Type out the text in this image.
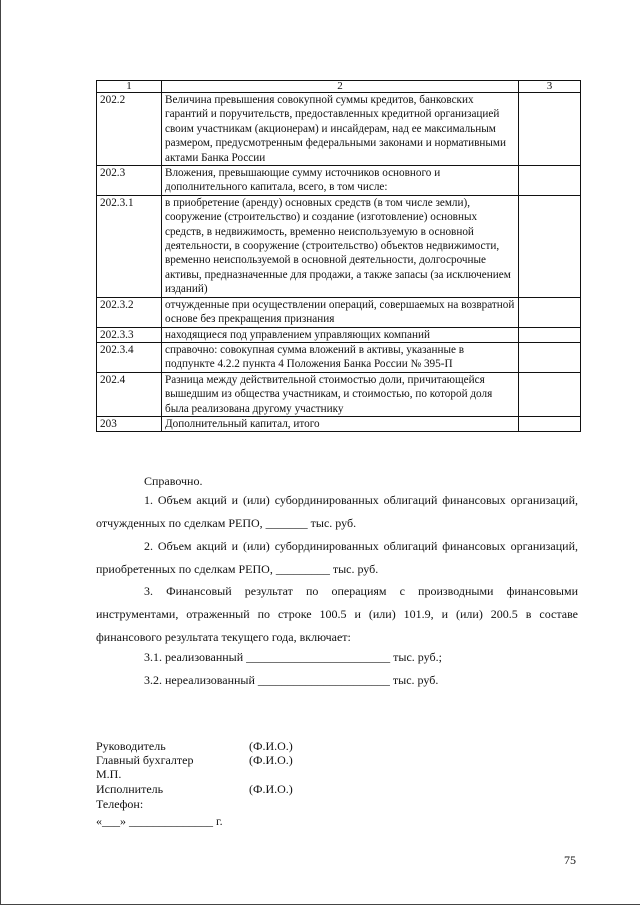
1	2	3
202.2	Величина превышения совокупной суммы кредитов, банковских гарантий и поручительств, предоставленных кредитной организацией своим участникам (акционерам) и инсайдерам, над ее максимальным размером, предусмотренным федеральными законами и нормативными актами Банка России	
202.3	Вложения, превышающие сумму источников основного и дополнительного капитала, всего, в том числе:	
202.3.1	в приобретение (аренду) основных средств (в том числе земли), сооружение (строительство) и создание (изготовление) основных средств, в недвижимость, временно неиспользуемую в основной деятельности, в сооружение (строительство) объектов недвижимости, временно неиспользуемой в основной деятельности, долгосрочные активы, предназначенные для продажи, а также запасы (за исключением изданий)	
202.3.2	отчужденные при осуществлении операций, совершаемых на возвратной основе без прекращения признания	
202.3.3	находящиеся под управлением управляющих компаний	
202.3.4	справочно: совокупная сумма вложений в активы, указанные в подпункте 4.2.2 пункта 4 Положения Банка России № 395-П	
202.4	Разница между действительной стоимостью доли, причитающейся вышедшим из общества участникам, и стоимостью, по которой доля была реализована другому участнику	
203	Дополнительный капитал, итого	
Справочно.
1. Объем акций и (или) субординированных облигаций финансовых организаций, отчужденных по сделкам РЕПО, _______ тыс. руб.
2. Объем акций и (или) субординированных облигаций финансовых организаций, приобретенных по сделкам РЕПО, _________ тыс. руб.
3. Финансовый результат по операциям с производными финансовыми инструментами, отраженный по строке 100.5 и (или) 101.9, и (или) 200.5 в составе финансового результата текущего года, включает:
3.1. реализованный ________________________ тыс. руб.;
3.2. нереализованный ______________________ тыс. руб.
Руководитель	(Ф.И.О.)
Главный бухгалтер	(Ф.И.О.)
М.П.
Исполнитель	(Ф.И.О.)
Телефон:
«___» ______________ г.
75
